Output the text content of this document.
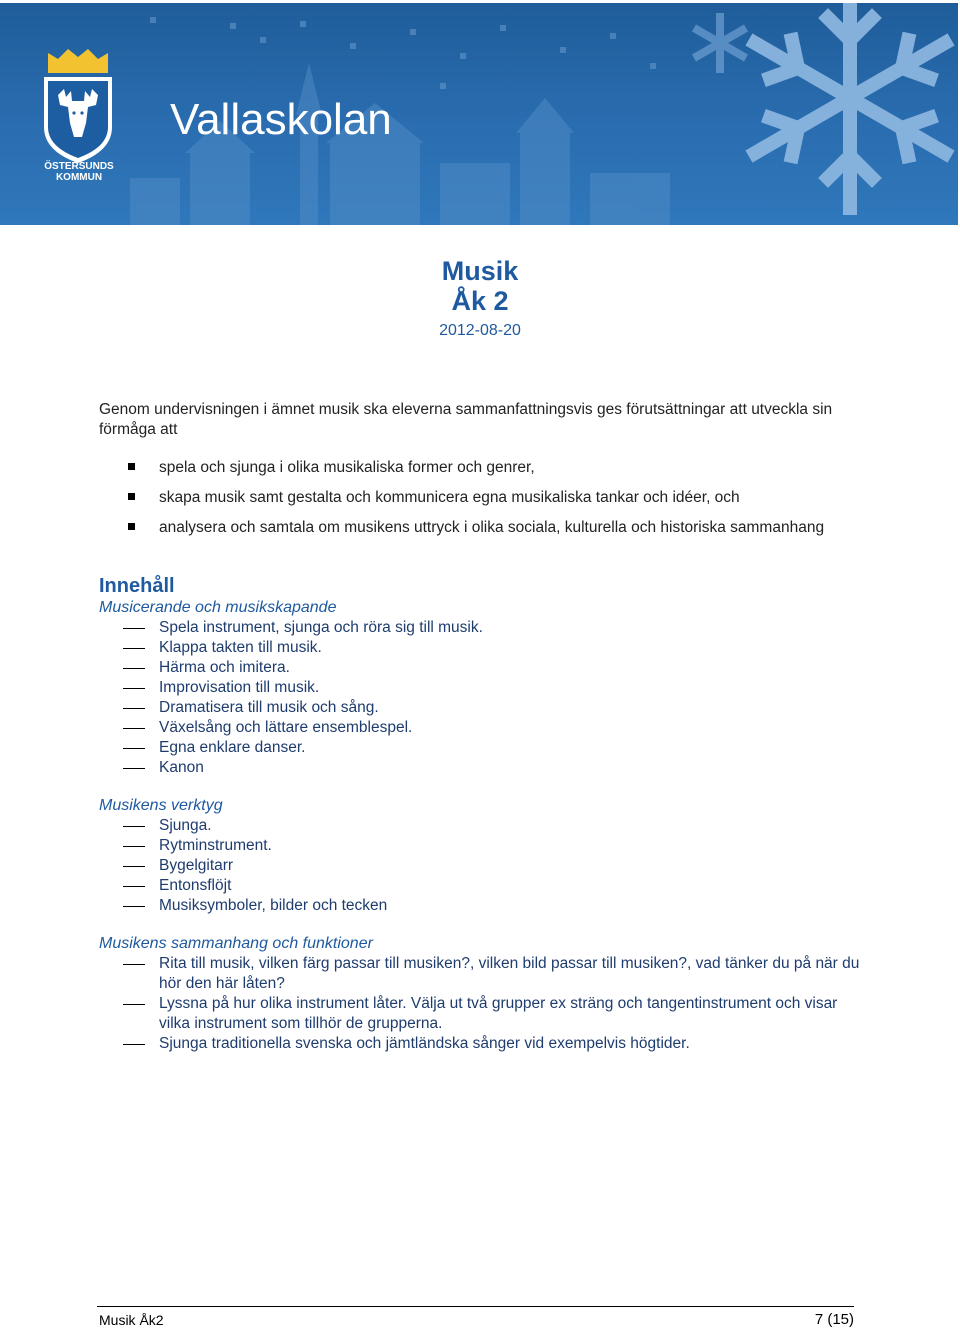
ÖSTERSUNDS
KOMMUN
Vallaskolan
Musik
Åk 2
2012-08-20

Genom undervisningen i ämnet musik ska eleverna sammanfattningsvis ges förutsättningar att utveckla sin förmåga att

spela och sjunga i olika musikaliska former och genrer,
skapa musik samt gestalta och kommunicera egna musikaliska tankar och idéer, och
analysera och samtala om musikens uttryck i olika sociala, kulturella och historiska sammanhang
Innehåll
Musicerande och musikskapande
Spela instrument, sjunga och röra sig till musik.
Klappa takten till musik.
Härma och imitera.
Improvisation till musik.
Dramatisera till musik och sång.
Växelsång och lättare ensemblespel.
Egna enklare danser.
Kanon
Musikens verktyg
Sjunga.
Rytminstrument.
Bygelgitarr
Entonsflöjt
Musiksymboler, bilder och tecken
Musikens sammanhang och funktioner
Rita till musik, vilken färg passar till musiken?, vilken bild passar till musiken?, vad tänker du på när du hör den här låten?
Lyssna på hur olika instrument låter. Välja ut två grupper ex sträng och tangentinstrument och visar vilka instrument som tillhör de grupperna.
Sjunga traditionella svenska och jämtländska sånger vid exempelvis högtider.
Musik Åk2	7 (15)
